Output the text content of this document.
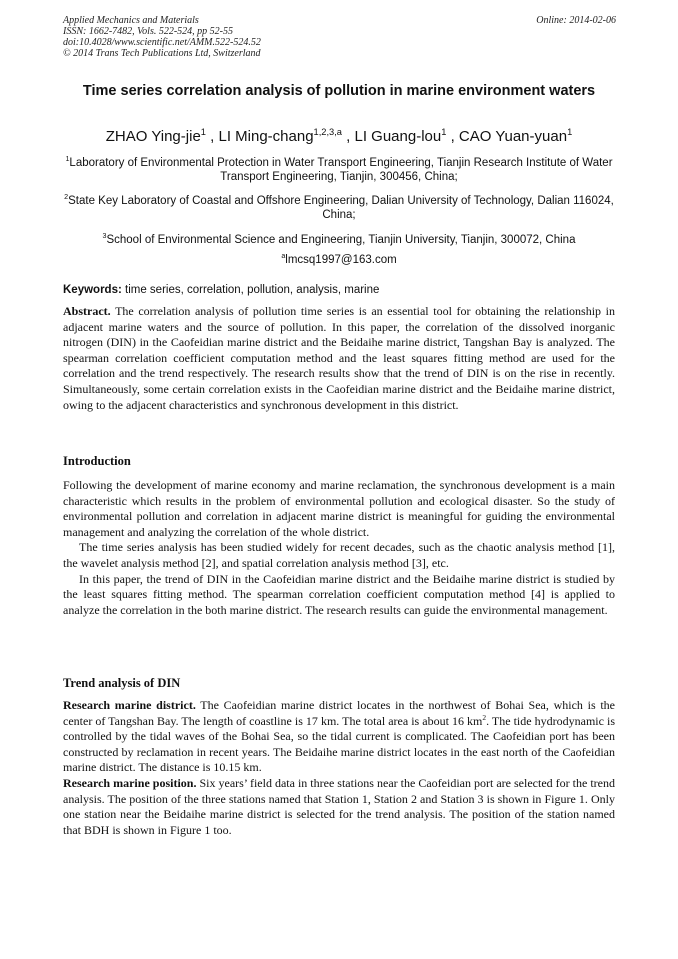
Applied Mechanics and Materials
ISSN: 1662-7482, Vols. 522-524, pp 52-55
doi:10.4028/www.scientific.net/AMM.522-524.52
© 2014 Trans Tech Publications Ltd, Switzerland
Online: 2014-02-06
Time series correlation analysis of pollution in marine environment waters
ZHAO Ying-jie$^1$ , LI Ming-chang$^{1,2,3,a}$ , LI Guang-lou$^1$ , CAO Yuan-yuan$^1$
$^1$Laboratory of Environmental Protection in Water Transport Engineering, Tianjin Research Institute of Water Transport Engineering, Tianjin, 300456, China;
$^2$State Key Laboratory of Coastal and Offshore Engineering, Dalian University of Technology, Dalian 116024, China;
$^3$School of Environmental Science and Engineering, Tianjin University, Tianjin, 300072, China
$^a$lmcsq1997@163.com
Keywords: time series, correlation, pollution, analysis, marine

Abstract. The correlation analysis of pollution time series is an essential tool for obtaining the relationship in adjacent marine waters and the source of pollution. In this paper, the correlation of the dissolved inorganic nitrogen (DIN) in the Caofeidian marine district and the Beidaihe marine district, Tangshan Bay is analyzed. The spearman correlation coefficient computation method and the least squares fitting method are used for the correlation and the trend respectively. The research results show that the trend of DIN is on the rise in recently. Simultaneously, some certain correlation exists in the Caofeidian marine district and the Beidaihe marine district, owing to the adjacent characteristics and synchronous development in this district.

Introduction

Following the development of marine economy and marine reclamation, the synchronous development is a main characteristic which results in the problem of environmental pollution and ecological disaster. So the study of environmental pollution and correlation in adjacent marine district is meaningful for guiding the environmental management and analyzing the correlation of the whole district.

The time series analysis has been studied widely for recent decades, such as the chaotic analysis method [1], the wavelet analysis method [2], and spatial correlation analysis method [3], etc.

In this paper, the trend of DIN in the Caofeidian marine district and the Beidaihe marine district is studied by the least squares fitting method. The spearman correlation coefficient computation method [4] is applied to analyze the correlation in the both marine district. The research results can guide the environmental management.

Trend analysis of DIN

Research marine district. The Caofeidian marine district locates in the northwest of Bohai Sea, which is the center of Tangshan Bay. The length of coastline is 17 km. The total area is about 16 $km^2$. The tide hydrodynamic is controlled by the tidal waves of the Bohai Sea, so the tidal current is complicated. The Caofeidian port has been constructed by reclamation in recent years. The Beidaihe marine district locates in the east north of the Caofeidian marine district. The distance is 10.15 km.

Research marine position. Six years’ field data in three stations near the Caofeidian port are selected for the trend analysis. The position of the three stations named that Station 1, Station 2 and Station 3 is shown in Figure 1. Only one station near the Beidaihe marine district is selected for the trend analysis. The position of the station named that BDH is shown in Figure 1 too.
